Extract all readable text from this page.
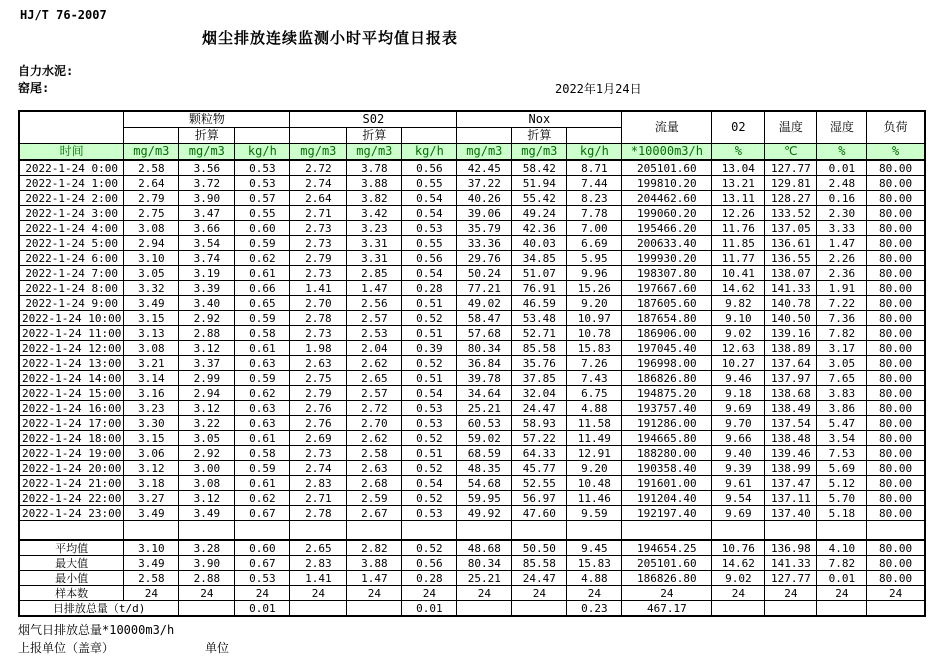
HJ/T 76-2007
烟尘排放连续监测小时平均值日报表
自力水泥:
窑尾:	2022年1月24日
	颗粒物			S02			Nox			流量	02	温度	湿度	负荷
		折算			折算			折算						
时间	mg/m3	mg/m3	kg/h	mg/m3	mg/m3	kg/h	mg/m3	mg/m3	kg/h	*10000m3/h	%	℃	%	%
2022-1-24 0:00	2.58	3.56	0.53	2.72	3.78	0.56	42.45	58.42	8.71	205101.60	13.04	127.77	0.01	80.00
2022-1-24 1:00	2.64	3.72	0.53	2.74	3.88	0.55	37.22	51.94	7.44	199810.20	13.21	129.81	2.48	80.00
2022-1-24 2:00	2.79	3.90	0.57	2.64	3.82	0.54	40.26	55.42	8.23	204462.60	13.11	128.27	0.16	80.00
2022-1-24 3:00	2.75	3.47	0.55	2.71	3.42	0.54	39.06	49.24	7.78	199060.20	12.26	133.52	2.30	80.00
2022-1-24 4:00	3.08	3.66	0.60	2.73	3.23	0.53	35.79	42.36	7.00	195466.20	11.76	137.05	3.33	80.00
2022-1-24 5:00	2.94	3.54	0.59	2.73	3.31	0.55	33.36	40.03	6.69	200633.40	11.85	136.61	1.47	80.00
2022-1-24 6:00	3.10	3.74	0.62	2.79	3.31	0.56	29.76	34.85	5.95	199930.20	11.77	136.55	2.26	80.00
2022-1-24 7:00	3.05	3.19	0.61	2.73	2.85	0.54	50.24	51.07	9.96	198307.80	10.41	138.07	2.36	80.00
2022-1-24 8:00	3.32	3.39	0.66	1.41	1.47	0.28	77.21	76.91	15.26	197667.60	14.62	141.33	1.91	80.00
2022-1-24 9:00	3.49	3.40	0.65	2.70	2.56	0.51	49.02	46.59	9.20	187605.60	9.82	140.78	7.22	80.00
2022-1-24 10:00	3.15	2.92	0.59	2.78	2.57	0.52	58.47	53.48	10.97	187654.80	9.10	140.50	7.36	80.00
2022-1-24 11:00	3.13	2.88	0.58	2.73	2.53	0.51	57.68	52.71	10.78	186906.00	9.02	139.16	7.82	80.00
2022-1-24 12:00	3.08	3.12	0.61	1.98	2.04	0.39	80.34	85.58	15.83	197045.40	12.63	138.89	3.17	80.00
2022-1-24 13:00	3.21	3.37	0.63	2.63	2.62	0.52	36.84	35.76	7.26	196998.00	10.27	137.64	3.05	80.00
2022-1-24 14:00	3.14	2.99	0.59	2.75	2.65	0.51	39.78	37.85	7.43	186826.80	9.46	137.97	7.65	80.00
2022-1-24 15:00	3.16	2.94	0.62	2.79	2.57	0.54	34.64	32.04	6.75	194875.20	9.18	138.68	3.83	80.00
2022-1-24 16:00	3.23	3.12	0.63	2.76	2.72	0.53	25.21	24.47	4.88	193757.40	9.69	138.49	3.86	80.00
2022-1-24 17:00	3.30	3.22	0.63	2.76	2.70	0.53	60.53	58.93	11.58	191286.00	9.70	137.54	5.47	80.00
2022-1-24 18:00	3.15	3.05	0.61	2.69	2.62	0.52	59.02	57.22	11.49	194665.80	9.66	138.48	3.54	80.00
2022-1-24 19:00	3.06	2.92	0.58	2.73	2.58	0.51	68.59	64.33	12.91	188280.00	9.40	139.46	7.53	80.00
2022-1-24 20:00	3.12	3.00	0.59	2.74	2.63	0.52	48.35	45.77	9.20	190358.40	9.39	138.99	5.69	80.00
2022-1-24 21:00	3.18	3.08	0.61	2.83	2.68	0.54	54.68	52.55	10.48	191601.00	9.61	137.47	5.12	80.00
2022-1-24 22:00	3.27	3.12	0.62	2.71	2.59	0.52	59.95	56.97	11.46	191204.40	9.54	137.11	5.70	80.00
2022-1-24 23:00	3.49	3.49	0.67	2.78	2.67	0.53	49.92	47.60	9.59	192197.40	9.69	137.40	5.18	80.00

平均值	3.10	3.28	0.60	2.65	2.82	0.52	48.68	50.50	9.45	194654.25	10.76	136.98	4.10	80.00
最大值	3.49	3.90	0.67	2.83	3.88	0.56	80.34	85.58	15.83	205101.60	14.62	141.33	7.82	80.00
最小值	2.58	2.88	0.53	1.41	1.47	0.28	25.21	24.47	4.88	186826.80	9.02	127.77	0.01	80.00
样本数	24	24	24	24	24	24	24	24	24	24	24	24	24	24
日排放总量（t/d)			0.01			0.01			0.23	467.17				
烟气日排放总量*10000m3/h
上报单位（盖章）	单位
